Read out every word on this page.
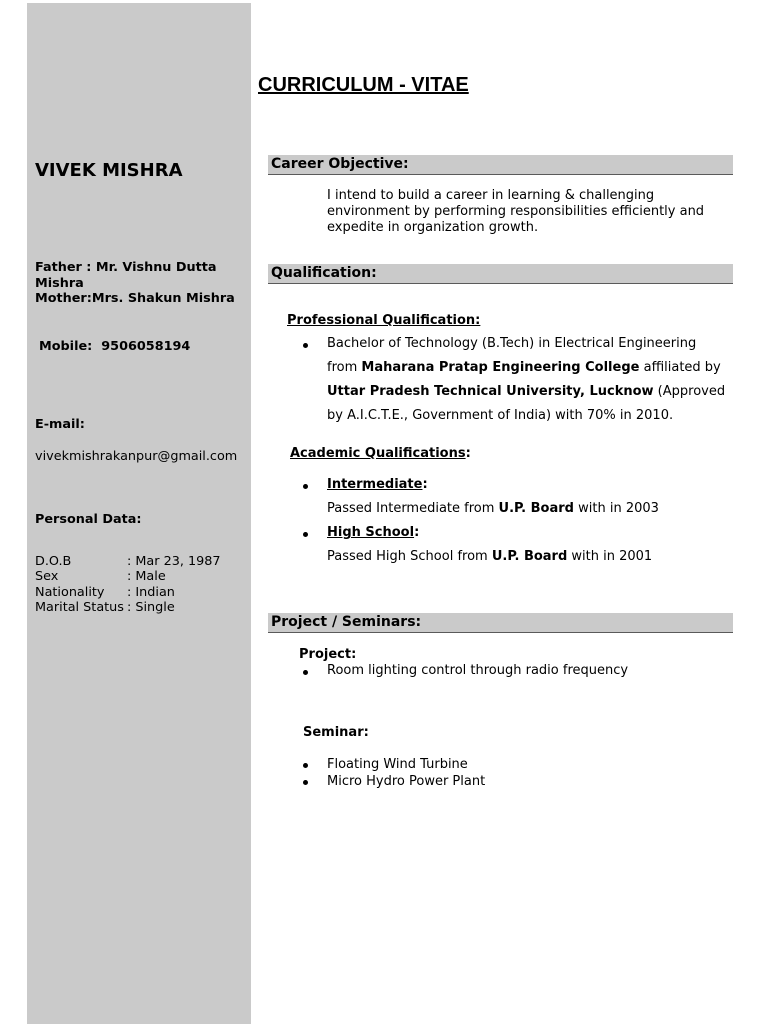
VIVEK MISHRA
Father : Mr. Vishnu Dutta Mishra
Mother:Mrs. Shakun Mishra
Mobile: 9506058194
E-mail:
vivekmishrakanpur@gmail.com
Personal Data:
D.O.B	: Mar 23, 1987
Sex	: Male
Nationality : Indian
Marital Status : Single
CURRICULUM - VITAE
Career Objective:
I intend to build a career in learning & challenging
environment by performing responsibilities efficiently and
expedite in organization growth.
Qualification:
Professional Qualification:
Bachelor of Technology (B.Tech) in Electrical Engineering
from Maharana Pratap Engineering College affiliated by
Uttar Pradesh Technical University, Lucknow (Approved
by A.I.C.T.E., Government of India) with 70% in 2010.
Academic Qualifications:
Intermediate:
Passed Intermediate from U.P. Board with in 2003
High School:
Passed High School from U.P. Board with in 2001
Project / Seminars:
Project:
Room lighting control through radio frequency
Seminar:
Floating Wind Turbine
Micro Hydro Power Plant
